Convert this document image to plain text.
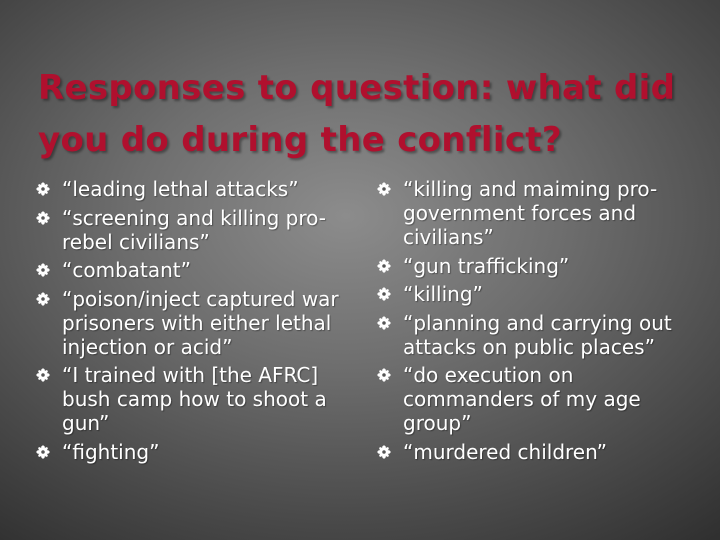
Responses to question: what did you do during the conflict?
“leading lethal attacks”
“screening and killing pro-rebel civilians”
“combatant”
“poison/inject captured war prisoners with either lethal injection or acid”
“I trained with [the AFRC] bush camp how to shoot a gun”
“fighting”
“killing and maiming pro-government forces and civilians”
“gun trafficking”
“killing”
“planning and carrying out attacks on public places”
“do execution on commanders of my age group”
“murdered children”
